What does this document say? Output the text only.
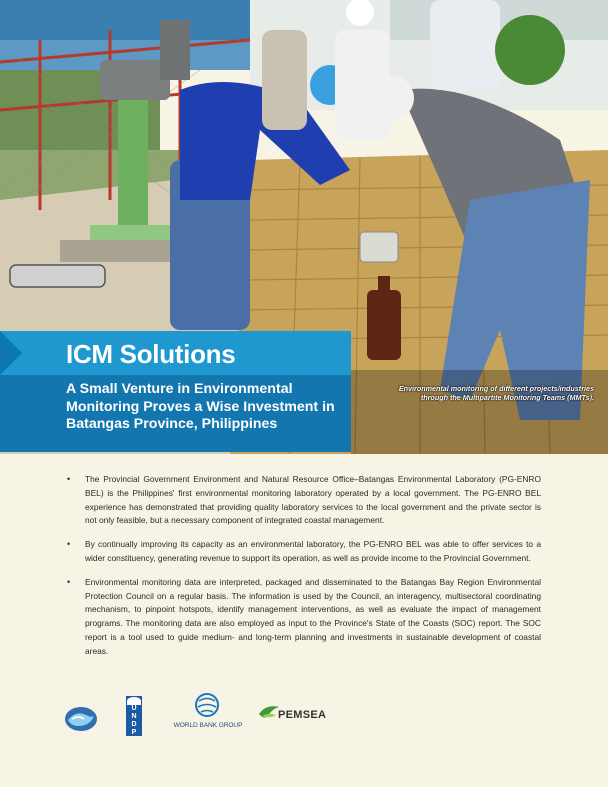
Environmental monitoring of different projects/industries
through the Multipartite Monitoring Teams (MMTs).
ICM Solutions
A Small Venture in Environmental Monitoring Proves a Wise Investment in Batangas Province, Philippines
• The Provincial Government Environment and Natural Resource Office–Batangas Environmental Laboratory (PG-ENRO BEL) is the Philippines' first environmental monitoring laboratory operated by a local government. The PG-ENRO BEL experience has demonstrated that providing quality laboratory services to the local government and the private sector is not only feasible, but a necessary component of integrated coastal management.
• By continually improving its capacity as an environmental laboratory, the PG-ENRO BEL was able to offer services to a wider constituency, generating revenue to support its operation, as well as provide income to the Provincial Government.
• Environmental monitoring data are interpreted, packaged and disseminated to the Batangas Bay Region Environmental Protection Council on a regular basis. The information is used by the Council, an interagency, multisectoral coordinating mechanism, to pinpoint hotspots, identify management interventions, as well as evaluate the impact of management programs. The monitoring data are also employed as input to the Province's State of the Coasts (SOC) report. The SOC report is a tool used to guide medium- and long-term planning and investments in sustainable development of coastal areas.
U
N
D
P
WORLD BANK GROUP
PEMSEA
